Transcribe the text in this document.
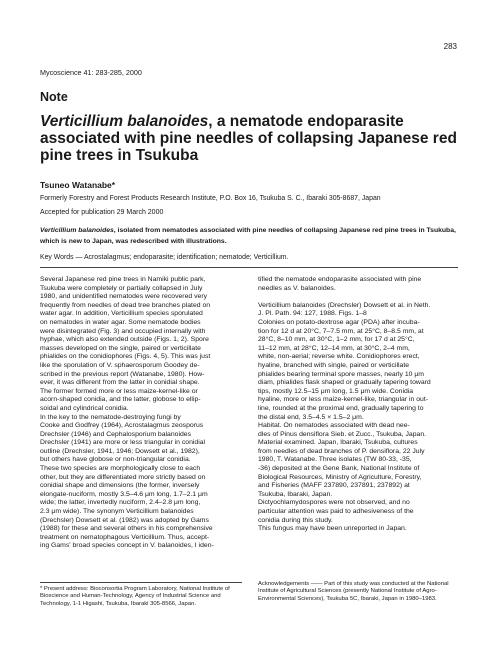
283
Mycoscience 41: 283-285, 2000
Note
Verticillium balanoides, a nematode endoparasite associated with pine needles of collapsing Japanese red pine trees in Tsukuba
Tsuneo Watanabe*
Formerly Forestry and Forest Products Research Institute, P.O. Box 16, Tsukuba S. C., Ibaraki 305-8687, Japan
Accepted for publication 29 March 2000
Verticillium balanoides, isolated from nematodes associated with pine needles of collapsing Japanese red pine trees in Tsukuba, which is new to Japan, was redescribed with illustrations.
Key Words — Acrostalagmus; endoparasite; identification; nematode; Verticillium.
Several Japanese red pine trees in Namiki public park,
Tsukuba were completely or partially collapsed in July
1980, and unidentified nematodes were recovered very
frequently from needles of dead tree branches plated on
water agar. In addition, Verticillium species sporulated
on nematodes in water agar. Some nematode bodies
were disintegrated (Fig. 3) and occupied internally with
hyphae, which also extended outside (Figs. 1, 2). Spore
masses developed on the single, paired or verticillate
phialides on the conidiophores (Figs. 4, 5). This was just
like the sporulation of V. sphaerosporum Goodey de-
scribed in the previous report (Watanabe, 1980). How-
ever, it was different from the latter in conidial shape.
The former formed more or less maize-kernel-like or
acorn-shaped conidia, and the latter, globose to ellip-
soidal and cylindrical conidia.
In the key to the nematode-destroying fungi by
Cooke and Godfrey (1964), Acrostalagmus zeosporus
Drechsler (1946) and Cephalosporium balanoides
Drechsler (1941) are more or less triangular in conidial
outline (Drechsler, 1941, 1946; Dowsett et al., 1982),
but others have globose or non-triangular conidia.
These two species are morphologically close to each
other, but they are differentiated more strictly based on
conidial shape and dimensions (the former, inversely
elongate-nuciform, mostly 3.5–4.6 μm long, 1.7–2.1 μm
wide; the latter, invertedly nuciform, 2.4–2.8 μm long,
2.3 μm wide). The synonym Verticillium balanoides
(Drechsler) Dowsett et al. (1982) was adopted by Gams
(1988) for these and several others in his comprehensive
treatment on nematophagous Verticillium. Thus, accept-
ing Gams' broad species concept in V. balanoides, I iden-
tified the nematode endoparasite associated with pine
needles as V. balanoides.

Verticillium balanoides (Drechsler) Dowsett et al. in Neth.
J. Pl. Path. 94: 127, 1988. Figs. 1–8
Colonies on potato-dextrose agar (PDA) after incuba-
tion for 12 d at 20°C, 7–7.5 mm, at 25°C, 8–8.5 mm, at
28°C, 8–10 mm, at 30°C, 1–2 mm, for 17 d at 25°C,
11–12 mm, at 28°C, 12–14 mm, at 30°C, 2–4 mm,
white, non-aerial; reverse white. Conidiophores erect,
hyaline, branched with single, paired or verticillate
phialides bearing terminal spore masses, nearly 10 μm
diam, phialides flask shaped or gradually tapering toward
tips, mostly 12.5–15 μm long, 1.5 μm wide. Conidia
hyaline, more or less maize-kernel-like, triangular in out-
line, rounded at the proximal end, gradually tapering to
the distal end, 3.5–4.5 × 1.5–2 μm.
Habitat. On nematodes associated with dead nee-
dles of Pinus densiflora Sieb. et Zucc., Tsukuba, Japan.
Material examined. Japan, Ibaraki, Tsukuba, cultures
from needles of dead branches of P. densiflora, 22 July
1980, T. Watanabe. Three isolates (TW 80-33, -35,
-36) deposited at the Gene Bank, National Institute of
Biological Resources, Ministry of Agriculture, Forestry,
and Fisheries (MAFF 237890, 237891, 237892) at
Tsukuba, Ibaraki, Japan.
Dictyochlamydospores were not observed, and no
particular attention was paid to adhesiveness of the
conidia during this study.
This fungus may have been unreported in Japan.
* Present address: Bioconsortia Program Laboratory, National Institute of Bioscience and Human-Technology, Agency of Industrial Science and Technology, 1-1 Higashi, Tsukuba, Ibaraki 305-8566, Japan.
Acknowledgements —— Part of this study was conducted at the National Institute of Agricultural Sciences (presently National Institute of Agro-Environmental Sciences), Tsukuba 5C, Ibaraki, Japan in 1980–1983.
